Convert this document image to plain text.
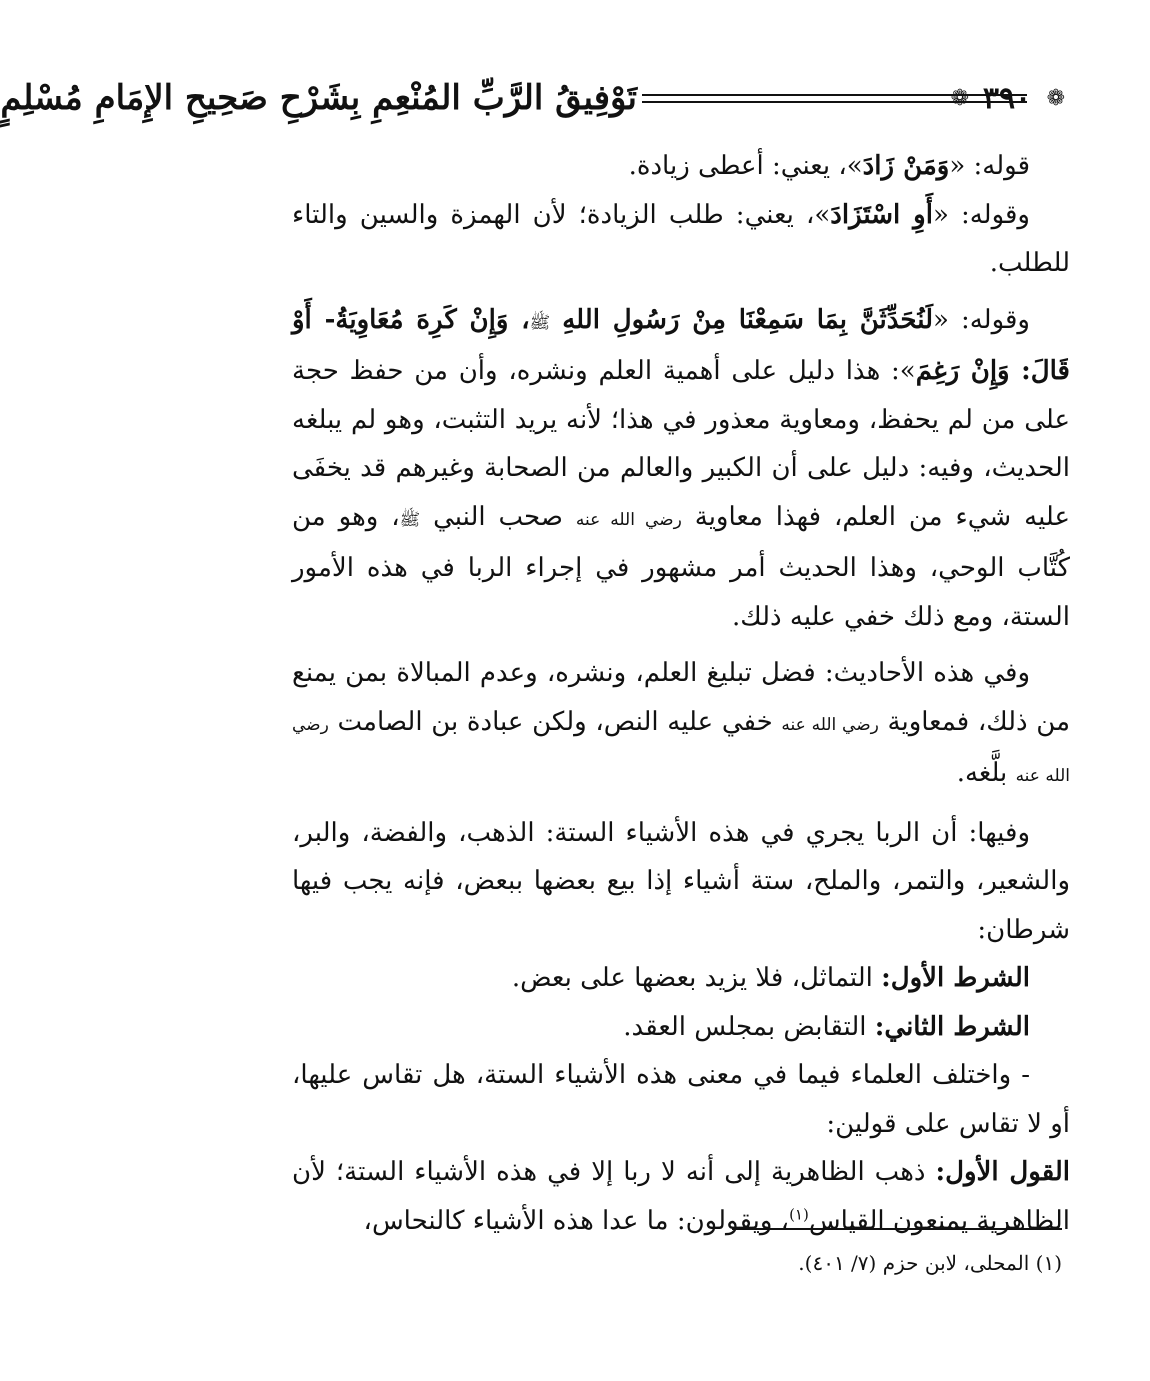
❁
٣٩٠
❁
تَوْفِيقُ الرَّبِّ المُنْعِمِ بِشَرْحِ صَحِيحِ الإِمَامِ مُسْلِمٍ

قوله: «وَمَنْ زَادَ»، يعني: أعطى زيادة.

وقوله: «أَوِ اسْتَزَادَ»، يعني: طلب الزيادة؛ لأن الهمزة والسين والتاء للطلب.

وقوله: «لَنُحَدِّثَنَّ بِمَا سَمِعْنَا مِنْ رَسُولِ اللهِ ﷺ، وَإِنْ كَرِهَ مُعَاوِيَةُ- أَوْ قَالَ: وَإِنْ رَغِمَ»: هذا دليل على أهمية العلم ونشره، وأن من حفظ حجة على من لم يحفظ، ومعاوية معذور في هذا؛ لأنه يريد التثبت، وهو لم يبلغه الحديث، وفيه: دليل على أن الكبير والعالم من الصحابة وغيرهم قد يخفَى عليه شيء من العلم، فهذا معاوية رضي الله عنه صحب النبي ﷺ، وهو من كُتَّاب الوحي، وهذا الحديث أمر مشهور في إجراء الربا في هذه الأمور الستة، ومع ذلك خفي عليه ذلك.

وفي هذه الأحاديث: فضل تبليغ العلم، ونشره، وعدم المبالاة بمن يمنع من ذلك، فمعاوية رضي الله عنه خفي عليه النص، ولكن عبادة بن الصامت رضي الله عنه بلَّغه.

وفيها: أن الربا يجري في هذه الأشياء الستة: الذهب، والفضة، والبر، والشعير، والتمر، والملح، ستة أشياء إذا بيع بعضها ببعض، فإنه يجب فيها شرطان:

الشرط الأول: التماثل، فلا يزيد بعضها على بعض.

الشرط الثاني: التقابض بمجلس العقد.

- واختلف العلماء فيما في معنى هذه الأشياء الستة، هل تقاس عليها، أو لا تقاس على قولين:

القول الأول: ذهب الظاهرية إلى أنه لا ربا إلا في هذه الأشياء الستة؛ لأن الظاهرية يمنعون القياس$^{(١)}$، ويقولون: ما عدا هذه الأشياء كالنحاس،

(١) المحلى، لابن حزم (٧/ ٤٠١).
